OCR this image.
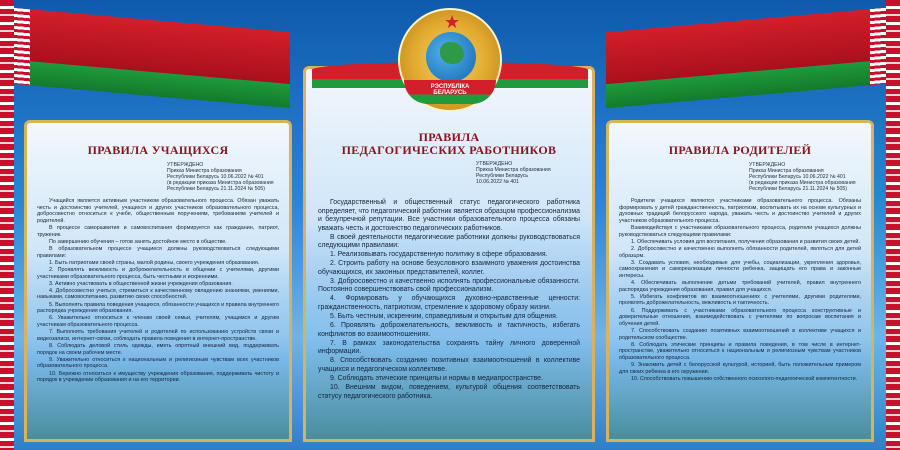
ПРАВИЛА УЧАЩИХСЯ
УТВЕРЖДЕНО
Приказ Министра образования
Республики Беларусь 10.06.2022 № 401
(в редакции приказа Министра образования
Республики Беларусь 21.11.2024 № 505)

Учащийся является активным участником образовательного процесса. Обязан уважать честь и достоинство учителей, учащихся и других участников образовательного процесса, добросовестно относиться к учебе, общественным поручениям, требованиям учителей и родителей.

В процессе саморазвития и самовоспитания формируется как гражданин, патриот, труженик.

По завершению обучения – готов занять достойное место в обществе.

В образовательном процессе учащиеся должны руководствоваться следующими правилами:

1. Быть патриотами своей страны, малой родины, своего учреждения образования.

2. Проявлять вежливость и доброжелательность в общении с учителями, другими участниками образовательного процесса, быть честными и искренними.

3. Активно участвовать в общественной жизни учреждения образования.

4. Добросовестно учиться, стремиться к качественному овладению знаниями, умениями, навыками, самовоспитанию, развитию своих способностей.

5. Выполнять правила поведения учащихся, обязанности учащихся и правила внутреннего распорядка учреждения образования.

6. Уважительно относиться к членам своей семьи, учителям, учащимся и другим участникам образовательного процесса.

7. Выполнять требования учителей и родителей по использованию устройств связи и видеозаписи, интернет-связи, соблюдать правила поведения в интернет-пространстве.

8. Соблюдать деловой стиль одежды, иметь опрятный внешний вид, поддерживать порядок на своем рабочем месте.

9. Уважительно относиться к национальным и религиозным чувствам всех участников образовательного процесса.

10. Бережно относиться к имуществу учреждения образования, поддерживать чистоту и порядок в учреждении образования и на его территории.

ПРАВИЛА
ПЕДАГОГИЧЕСКИХ РАБОТНИКОВ
УТВЕРЖДЕНО
Приказ Министра образования
Республики Беларусь
10.06.2022 № 401

Государственный и общественный статус педагогического работника определяет, что педагогический работник является образцом профессионализма и безупречной репутации. Все участники образовательного процесса обязаны уважать честь и достоинство педагогических работников.

В своей деятельности педагогические работники должны руководствоваться следующими правилами:

1. Реализовывать государственную политику в сфере образования.

2. Строить работу на основе безусловного взаимного уважения достоинства обучающихся, их законных представителей, коллег.

3. Добросовестно и качественно исполнять профессиональные обязанности. Постоянно совершенствовать свой профессионализм.

4. Формировать у обучающихся духовно-нравственные ценности: гражданственность, патриотизм, стремление к здоровому образу жизни.

5. Быть честным, искренним, справедливым и открытым для общения.

6. Проявлять доброжелательность, вежливость и тактичность, избегать конфликтов во взаимоотношениях.

7. В рамках законодательства сохранять тайну личного доверенной информации.

8. Способствовать созданию позитивных взаимоотношений в коллективе учащихся и педагогическом коллективе.

9. Соблюдать этические принципы и нормы в медиапространстве.

10. Внешним видом, поведением, культурой общения соответствовать статусу педагогического работника.

ПРАВИЛА РОДИТЕЛЕЙ
УТВЕРЖДЕНО
Приказ Министра образования
Республики Беларусь 10.06.2022 № 401
(в редакции приказа Министра образования
Республики Беларусь 21.11.2024 № 505)

Родители учащихся являются участниками образовательного процесса. Обязаны формировать у детей гражданственность, патриотизм, воспитывать их на основе культурных и духовных традиций белорусского народа, уважать честь и достоинство учителей и других участников образовательного процесса.

Взаимодействуя с участниками образовательного процесса, родители учащихся должны руководствоваться следующими правилами:

1. Обеспечивать условия для воспитания, получения образования и развития своих детей.

2. Добросовестно и качественно выполнять обязанности родителей, являться для детей образцом.

3. Создавать условия, необходимые для учебы, социализации, укрепления здоровья, самоохранения и самореализации личности ребенка, защищать его права и законные интересы.

4. Обеспечивать выполнение детьми требований учителей, правил внутреннего распорядка учреждения образования, правил для учащихся.

5. Избегать конфликтов во взаимоотношениях с учителями, другими родителями, проявлять доброжелательность, вежливость и тактичность.

6. Поддерживать с участниками образовательного процесса конструктивные и доверительные отношения, взаимодействовать с учителями по вопросам воспитания и обучения детей.

7. Способствовать созданию позитивных взаимоотношений в коллективе учащихся и родительском сообществе.

8. Соблюдать этические принципы и правила поведения, в том числе в интернет-пространстве, уважительно относиться к национальным и религиозным чувствам участников образовательного процесса.

9. Знакомить детей с белорусской культурой, историей, быть положительным примером для своих ребенка в его окружении.

10. Способствовать повышению собственного психолого-педагогической компетентности.

★
РЭСПУБЛІКА
БЕЛАРУСЬ
